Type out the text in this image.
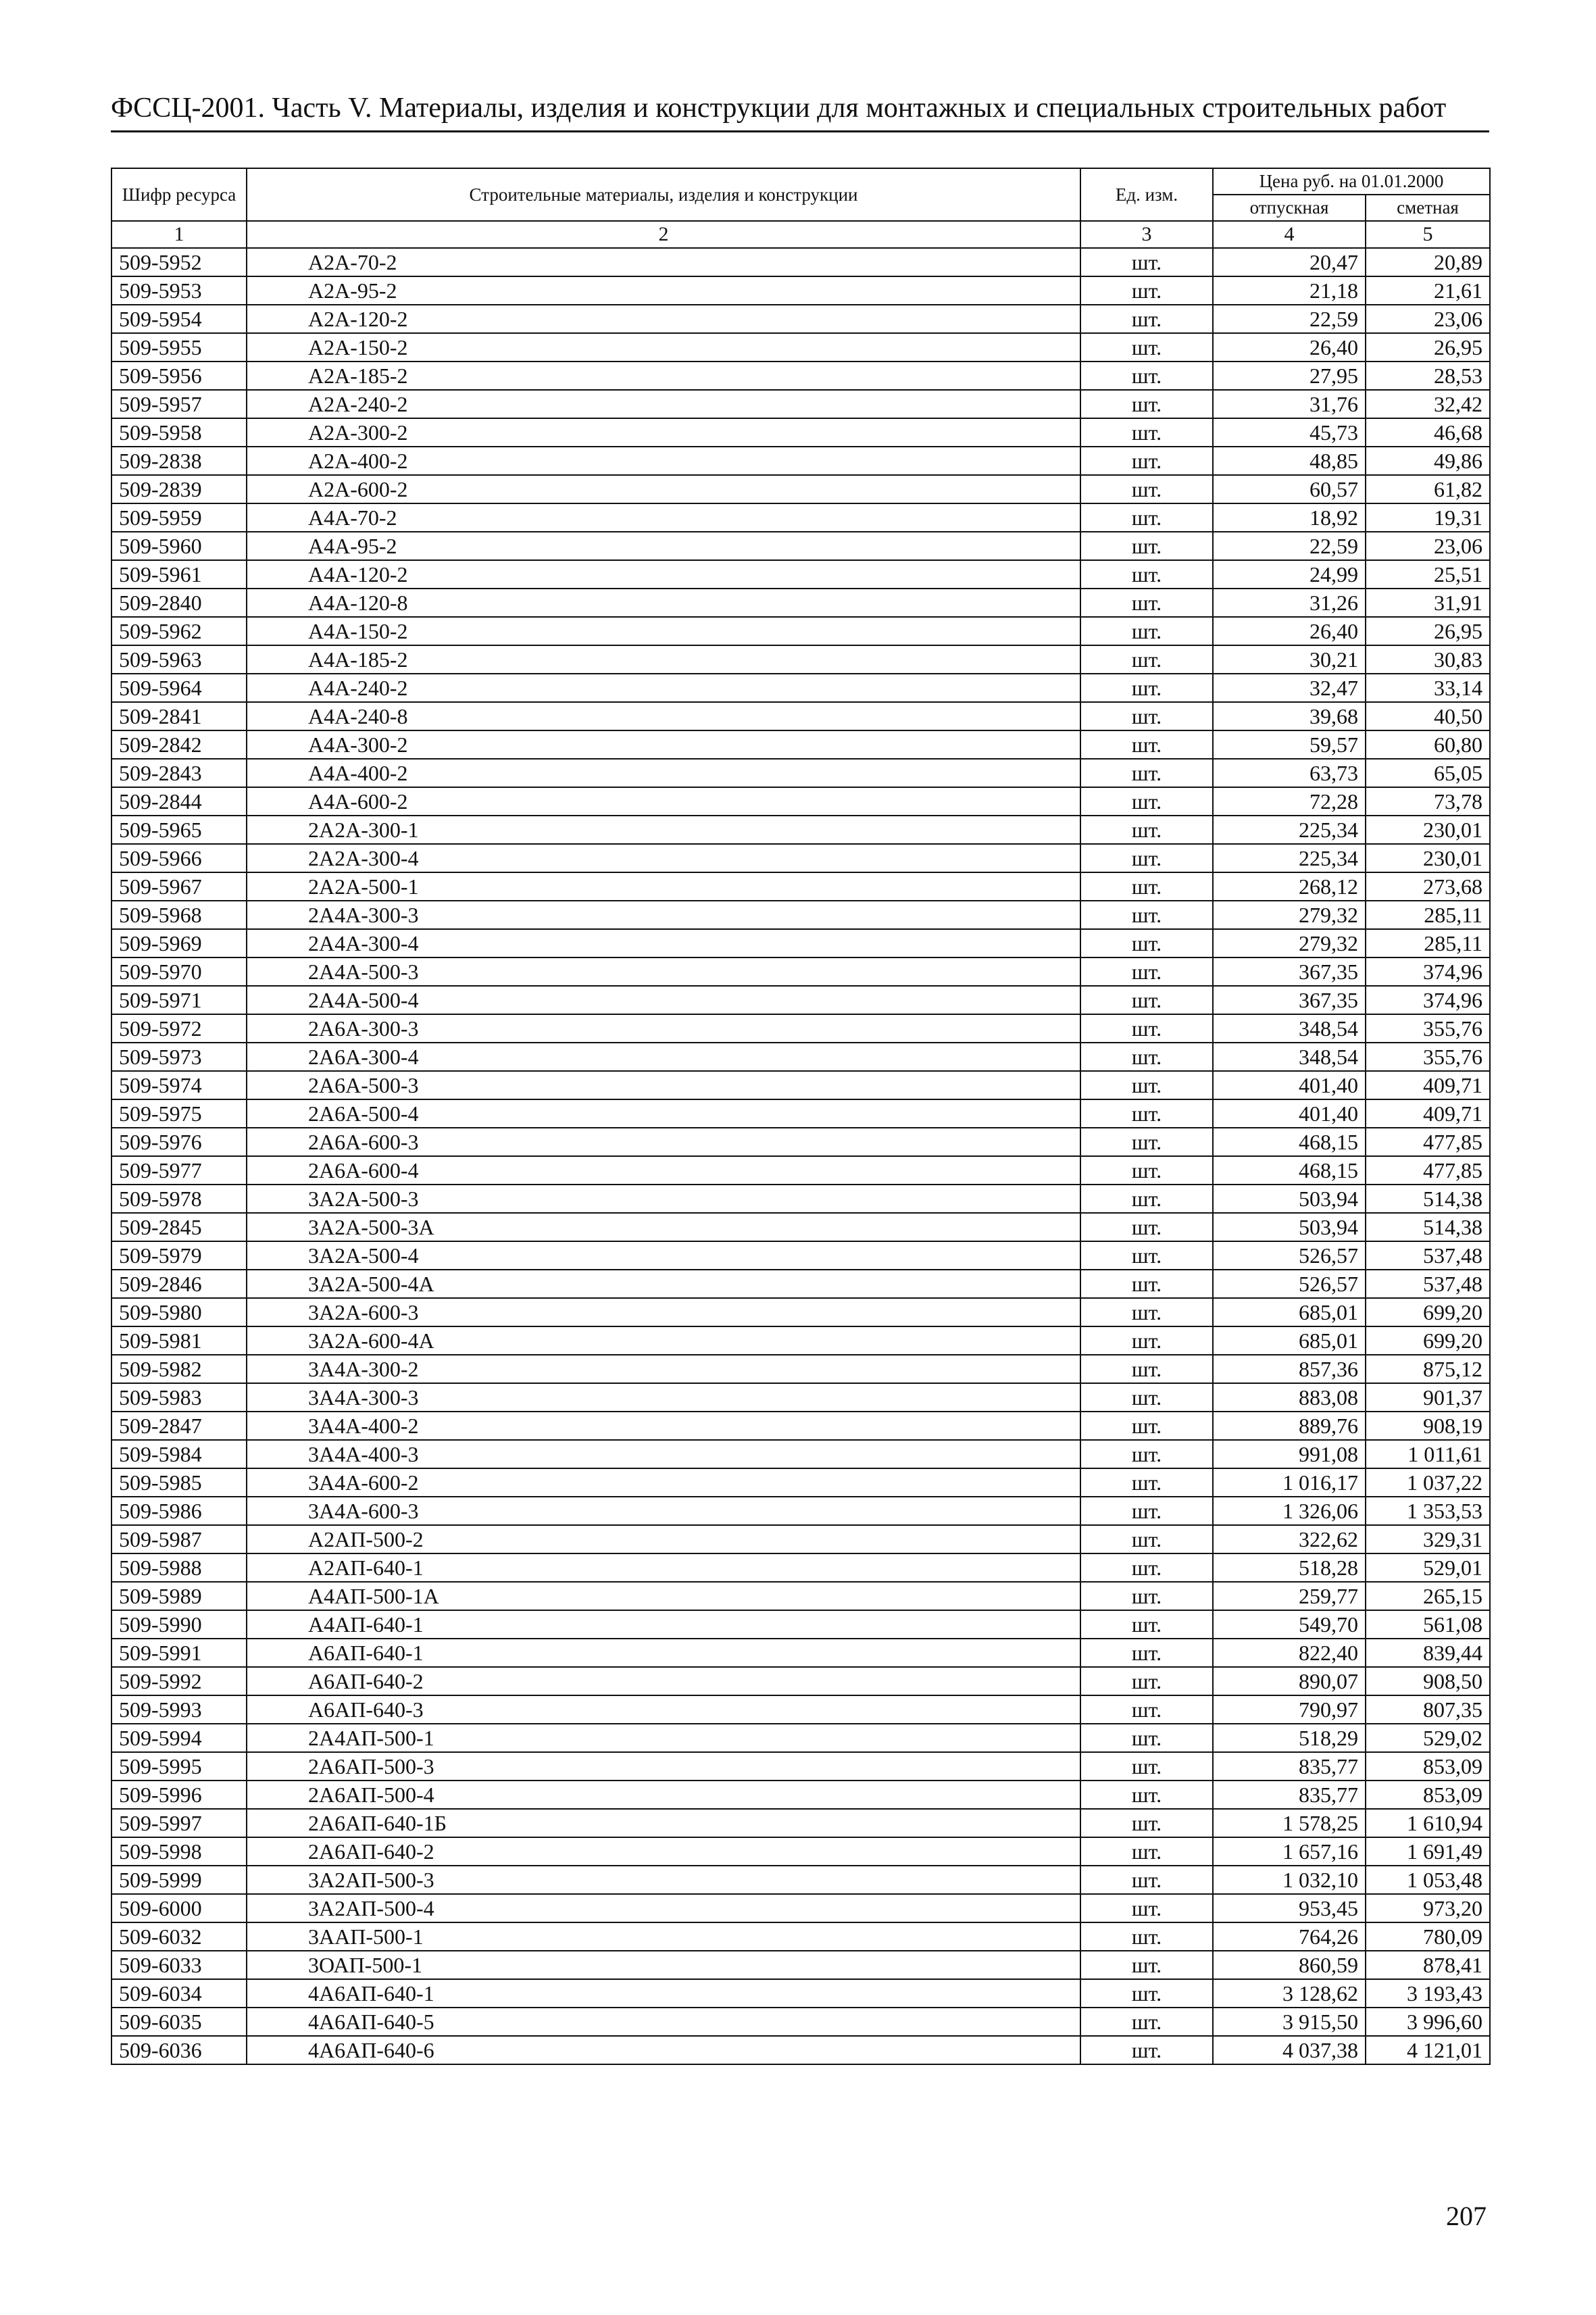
ФССЦ-2001. Часть V. Материалы, изделия и конструкции для монтажных и специальных строительных работ
Шифр ресурса	Строительные материалы, изделия и конструкции	Ед. изм.	Цена руб. на 01.01.2000	
			отпускная	сметная
1	2	3	4	5
509-5952	А2А-70-2	шт.	20,47	20,89
509-5953	А2А-95-2	шт.	21,18	21,61
509-5954	А2А-120-2	шт.	22,59	23,06
509-5955	А2А-150-2	шт.	26,40	26,95
509-5956	А2А-185-2	шт.	27,95	28,53
509-5957	А2А-240-2	шт.	31,76	32,42
509-5958	А2А-300-2	шт.	45,73	46,68
509-2838	А2А-400-2	шт.	48,85	49,86
509-2839	А2А-600-2	шт.	60,57	61,82
509-5959	А4А-70-2	шт.	18,92	19,31
509-5960	А4А-95-2	шт.	22,59	23,06
509-5961	А4А-120-2	шт.	24,99	25,51
509-2840	А4А-120-8	шт.	31,26	31,91
509-5962	А4А-150-2	шт.	26,40	26,95
509-5963	А4А-185-2	шт.	30,21	30,83
509-5964	А4А-240-2	шт.	32,47	33,14
509-2841	А4А-240-8	шт.	39,68	40,50
509-2842	А4А-300-2	шт.	59,57	60,80
509-2843	А4А-400-2	шт.	63,73	65,05
509-2844	А4А-600-2	шт.	72,28	73,78
509-5965	2А2А-300-1	шт.	225,34	230,01
509-5966	2А2А-300-4	шт.	225,34	230,01
509-5967	2А2А-500-1	шт.	268,12	273,68
509-5968	2А4А-300-3	шт.	279,32	285,11
509-5969	2А4А-300-4	шт.	279,32	285,11
509-5970	2А4А-500-3	шт.	367,35	374,96
509-5971	2А4А-500-4	шт.	367,35	374,96
509-5972	2А6А-300-3	шт.	348,54	355,76
509-5973	2А6А-300-4	шт.	348,54	355,76
509-5974	2А6А-500-3	шт.	401,40	409,71
509-5975	2А6А-500-4	шт.	401,40	409,71
509-5976	2А6А-600-3	шт.	468,15	477,85
509-5977	2А6А-600-4	шт.	468,15	477,85
509-5978	3А2А-500-3	шт.	503,94	514,38
509-2845	3А2А-500-3А	шт.	503,94	514,38
509-5979	3А2А-500-4	шт.	526,57	537,48
509-2846	3А2А-500-4А	шт.	526,57	537,48
509-5980	3А2А-600-3	шт.	685,01	699,20
509-5981	3А2А-600-4А	шт.	685,01	699,20
509-5982	3А4А-300-2	шт.	857,36	875,12
509-5983	3А4А-300-3	шт.	883,08	901,37
509-2847	3А4А-400-2	шт.	889,76	908,19
509-5984	3А4А-400-3	шт.	991,08	1 011,61
509-5985	3А4А-600-2	шт.	1 016,17	1 037,22
509-5986	3А4А-600-3	шт.	1 326,06	1 353,53
509-5987	А2АП-500-2	шт.	322,62	329,31
509-5988	А2АП-640-1	шт.	518,28	529,01
509-5989	А4АП-500-1А	шт.	259,77	265,15
509-5990	А4АП-640-1	шт.	549,70	561,08
509-5991	А6АП-640-1	шт.	822,40	839,44
509-5992	А6АП-640-2	шт.	890,07	908,50
509-5993	А6АП-640-3	шт.	790,97	807,35
509-5994	2А4АП-500-1	шт.	518,29	529,02
509-5995	2А6АП-500-3	шт.	835,77	853,09
509-5996	2А6АП-500-4	шт.	835,77	853,09
509-5997	2А6АП-640-1Б	шт.	1 578,25	1 610,94
509-5998	2А6АП-640-2	шт.	1 657,16	1 691,49
509-5999	3А2АП-500-3	шт.	1 032,10	1 053,48
509-6000	3А2АП-500-4	шт.	953,45	973,20
509-6032	3ААП-500-1	шт.	764,26	780,09
509-6033	3ОАП-500-1	шт.	860,59	878,41
509-6034	4А6АП-640-1	шт.	3 128,62	3 193,43
509-6035	4А6АП-640-5	шт.	3 915,50	3 996,60
509-6036	4А6АП-640-6	шт.	4 037,38	4 121,01
207
